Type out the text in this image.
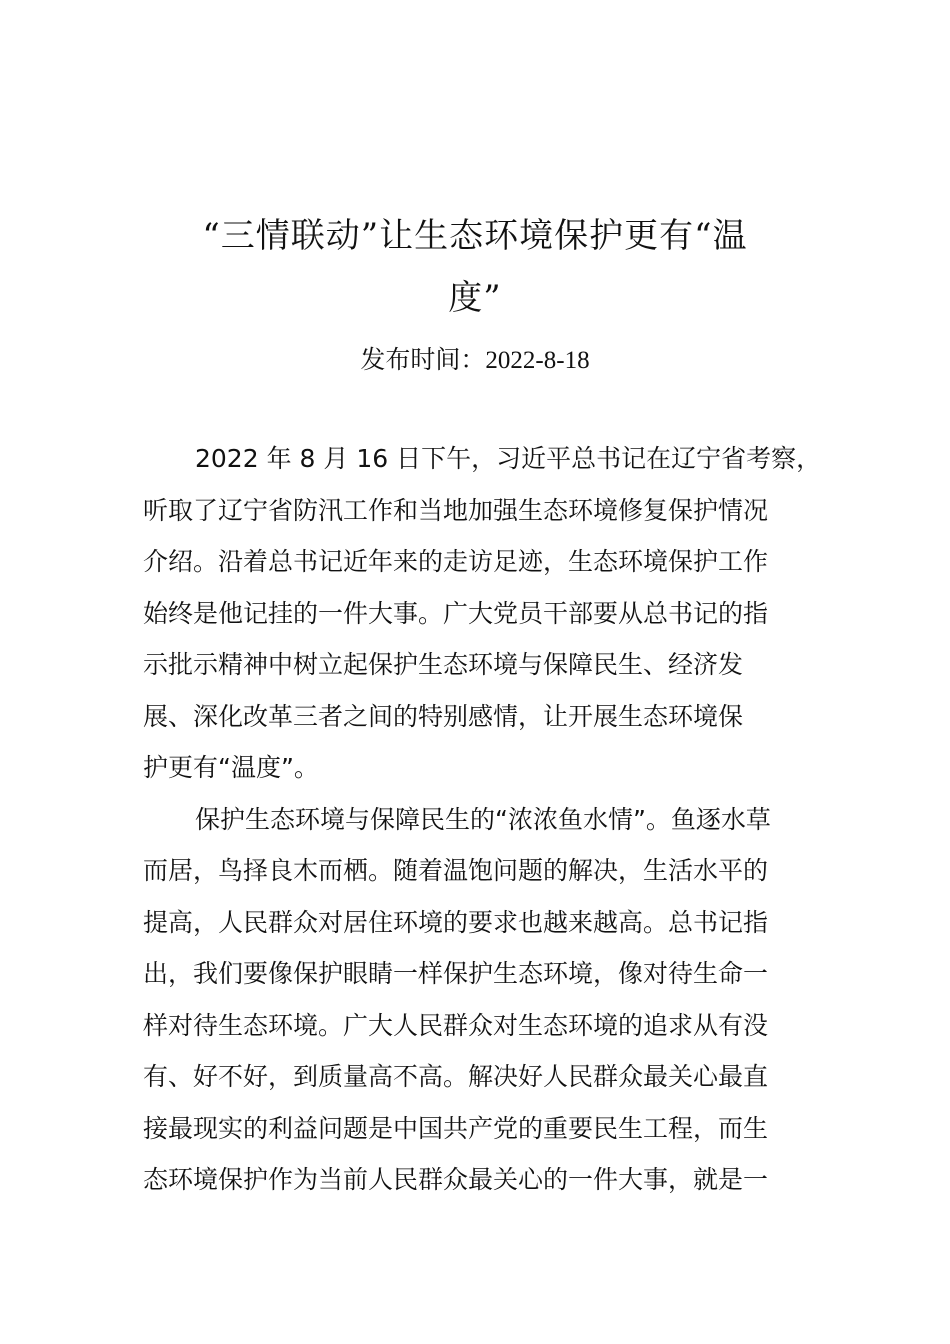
“三情联动”让生态环境保护更有“温
度”
发布时间：2022-8-18
2022 年 8 月 16 日下午，习近平总书记在辽宁省考察，
听取了辽宁省防汛工作和当地加强生态环境修复保护情况
介绍。沿着总书记近年来的走访足迹，生态环境保护工作
始终是他记挂的一件大事。广大党员干部要从总书记的指
示批示精神中树立起保护生态环境与保障民生、经济发
展、深化改革三者之间的特别感情，让开展生态环境保
护更有“温度”。
保护生态环境与保障民生的“浓浓鱼水情”。鱼逐水草
而居，鸟择良木而栖。随着温饱问题的解决，生活水平的
提高，人民群众对居住环境的要求也越来越高。总书记指
出，我们要像保护眼睛一样保护生态环境，像对待生命一
样对待生态环境。广大人民群众对生态环境的追求从有没
有、好不好，到质量高不高。解决好人民群众最关心最直
接最现实的利益问题是中国共产党的重要民生工程，而生
态环境保护作为当前人民群众最关心的一件大事，就是一
